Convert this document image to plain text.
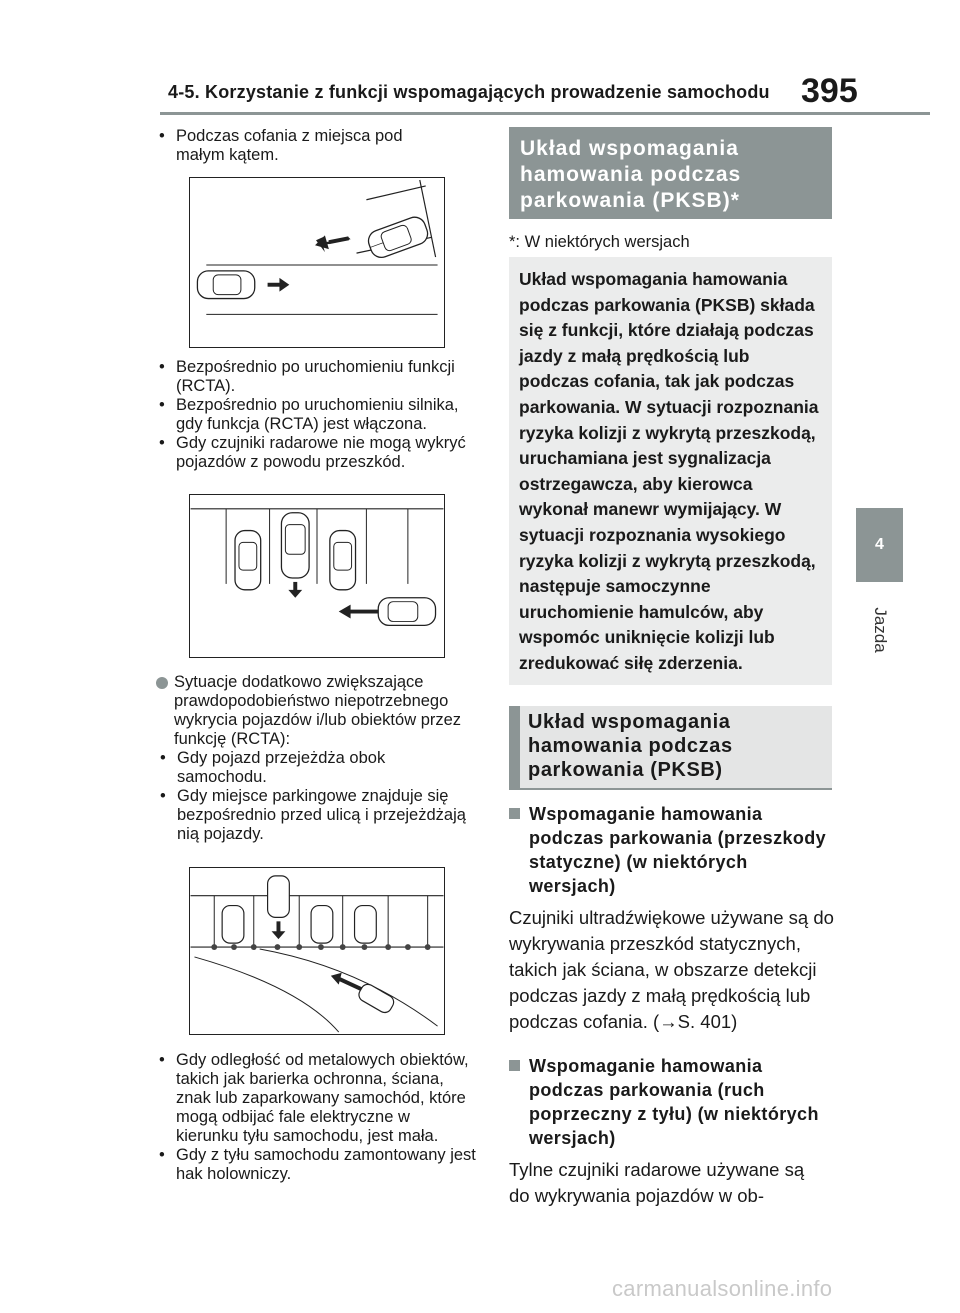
4-5. Korzystanie z funkcji wspomagających prowadzenie samochodu 395
4
Jazda
• Podczas cofania z miejsca pod małym kątem.
• Bezpośrednio po uruchomieniu funkcji (RCTA).
• Bezpośrednio po uruchomieniu silnika, gdy funkcja (RCTA) jest włączona.
• Gdy czujniki radarowe nie mogą wykryć pojazdów z powodu przeszkód.
Sytuacje dodatkowo zwiększające prawdopodobieństwo niepotrzebnego wykrycia pojazdów i/lub obiektów przez funkcję (RCTA):
• Gdy pojazd przejeżdża obok samochodu.
• Gdy miejsce parkingowe znajduje się bezpośrednio przed ulicą i przejeżdżają nią pojazdy.
• Gdy odległość od metalowych obiektów, takich jak barierka ochronna, ściana, znak lub zaparkowany samochód, które mogą odbijać fale elektryczne w kierunku tyłu samochodu, jest mała.
• Gdy z tyłu samochodu zamontowany jest hak holowniczy.
Układ wspomagania hamowania podczas parkowania (PKSB)*
*: W niektórych wersjach
Układ wspomagania hamowania podczas parkowania (PKSB) składa się z funkcji, które działają podczas jazdy z małą prędkością lub podczas cofania, tak jak podczas parkowania. W sytuacji rozpoznania ryzyka kolizji z wykrytą przeszkodą, uruchamiana jest sygnalizacja ostrzegawcza, aby kierowca wykonał manewr wymijający. W sytuacji rozpoznania wysokiego ryzyka kolizji z wykrytą przeszkodą, następuje samoczynne uruchomienie hamulców, aby wspomóc uniknięcie kolizji lub zredukować siłę zderzenia.
Układ wspomagania hamowania podczas parkowania (PKSB)
Wspomaganie hamowania podczas parkowania (przeszkody statyczne) (w niektórych wersjach)
Czujniki ultradźwiękowe używane są do wykrywania przeszkód statycznych, takich jak ściana, w obszarze detekcji podczas jazdy z małą prędkością lub podczas cofania. (→S. 401)
Wspomaganie hamowania podczas parkowania (ruch poprzeczny z tyłu) (w niektórych wersjach)
Tylne czujniki radarowe używane są do wykrywania pojazdów w ob-
carmanualsonline.info
